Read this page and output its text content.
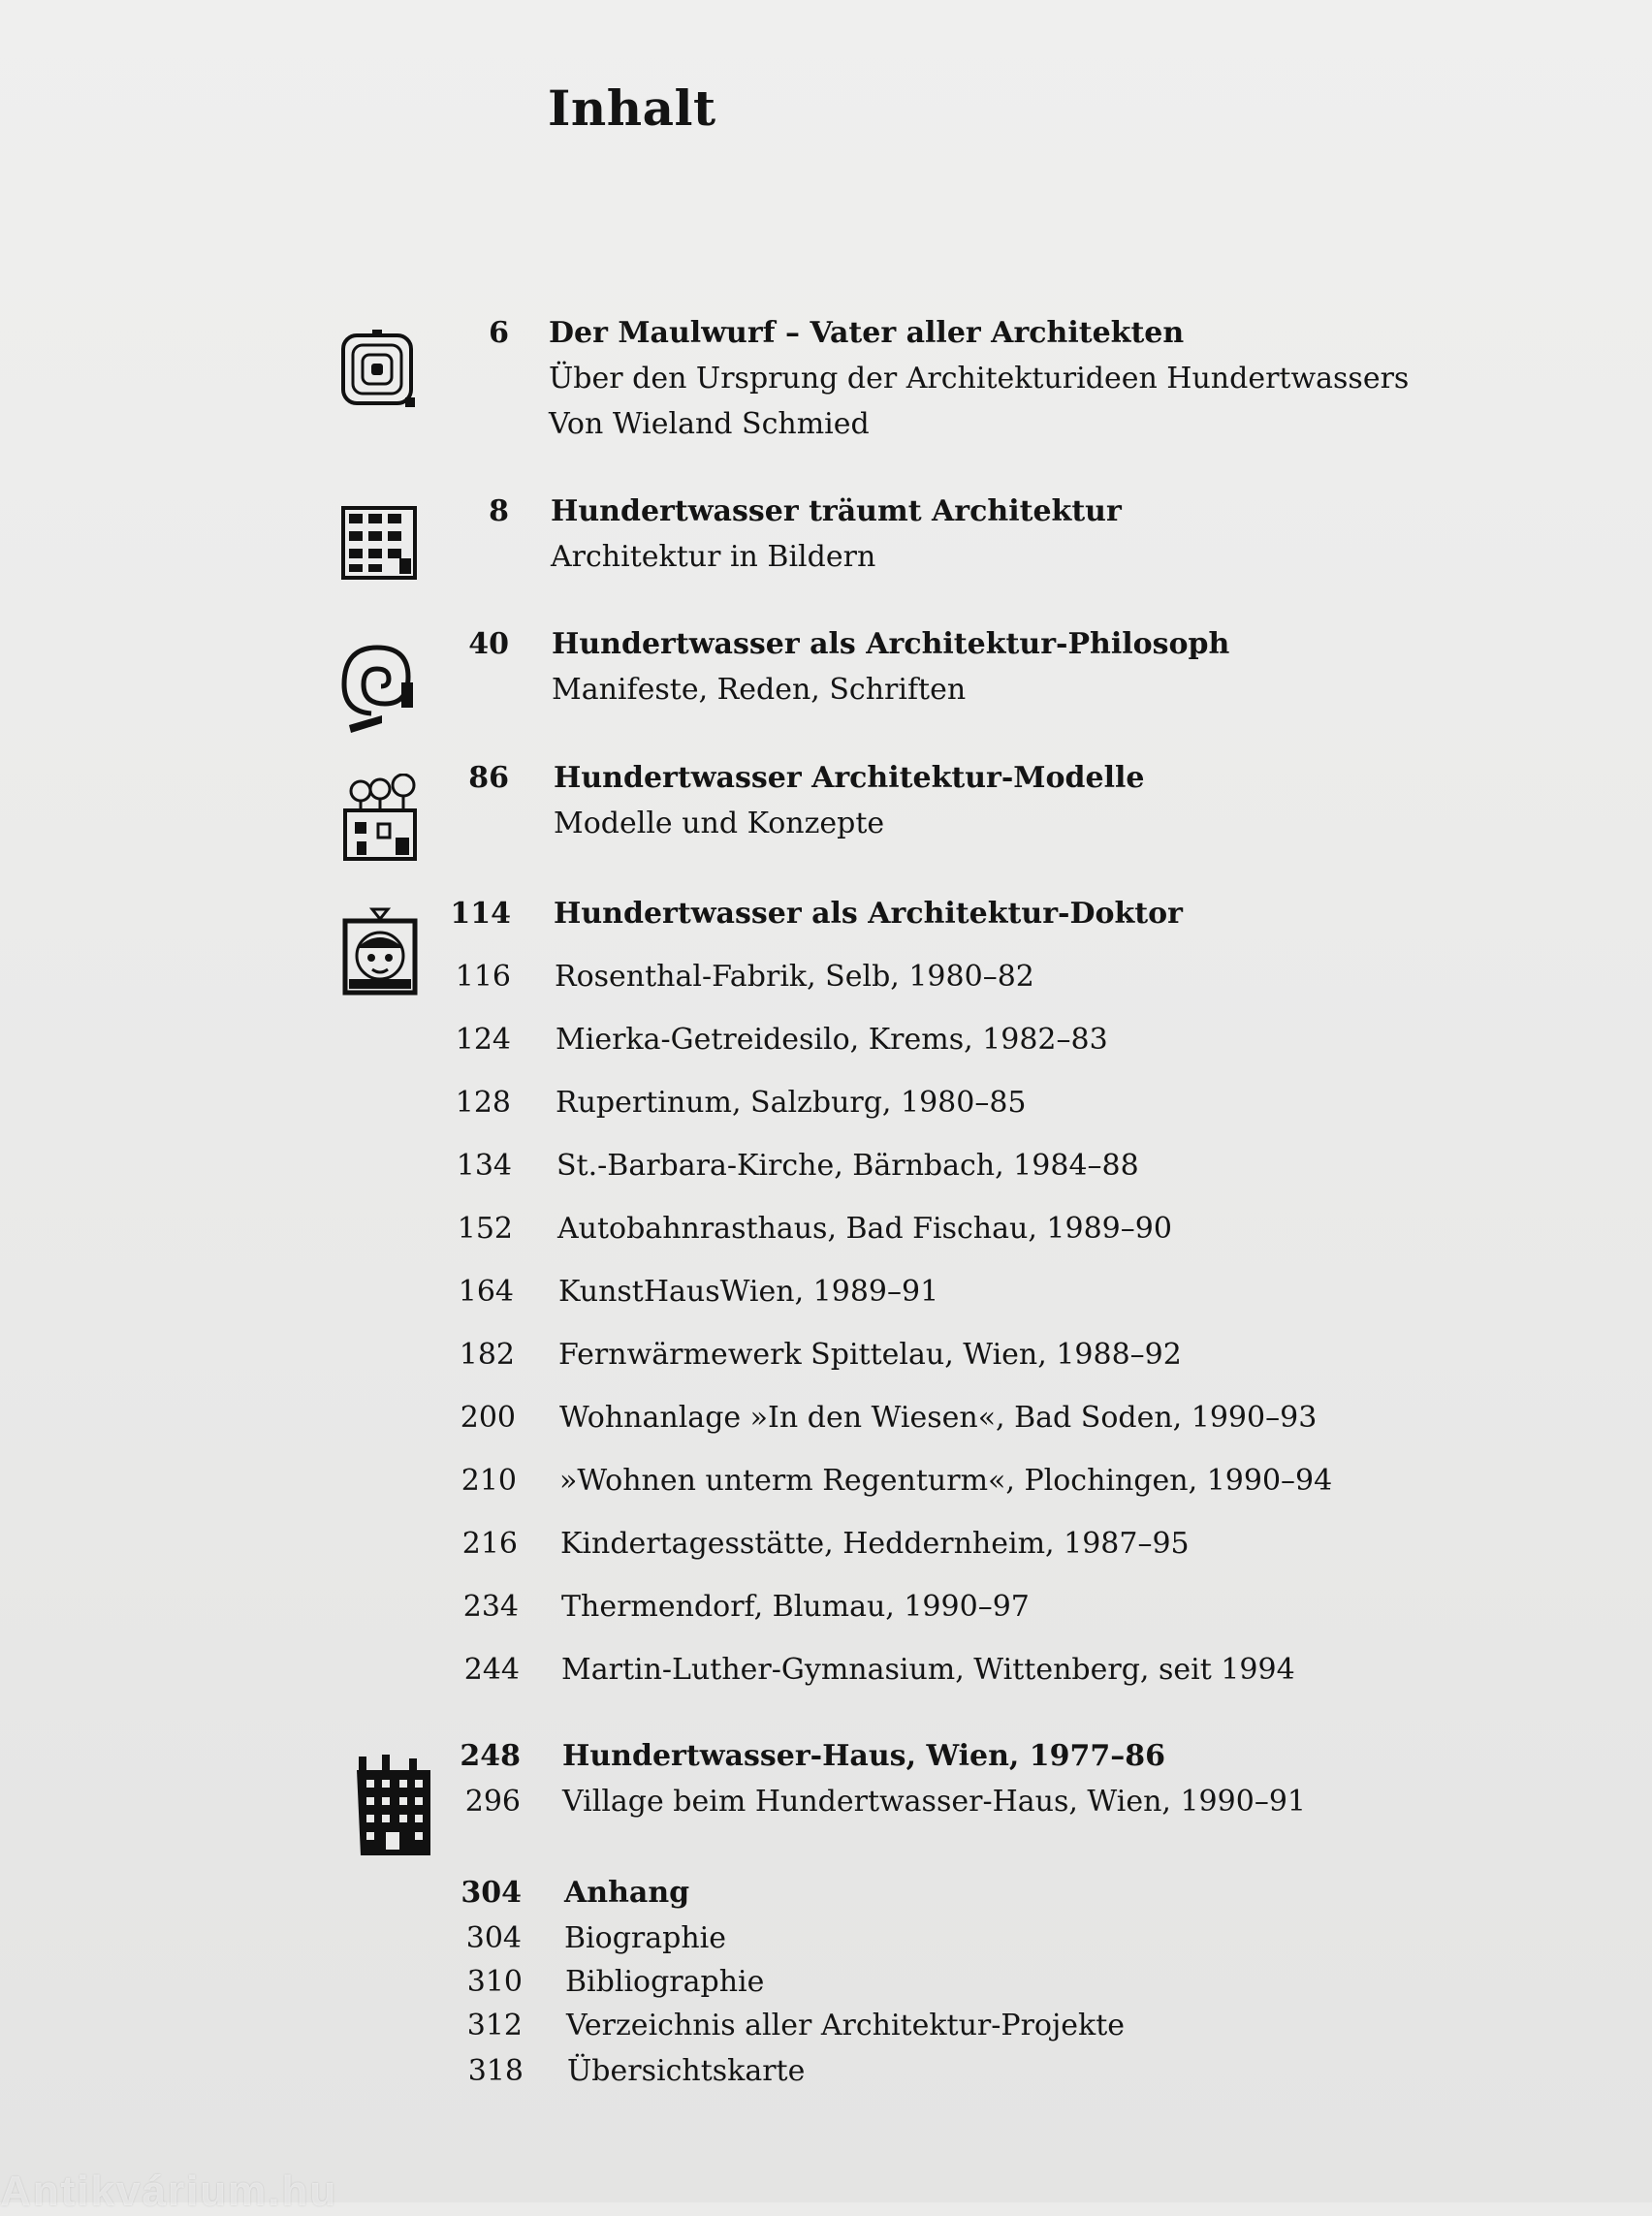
Inhalt
6 Der Maulwurf – Vater aller Architekten
Über den Ursprung der Architekturideen Hundertwassers
Von Wieland Schmied
8 Hundertwasser träumt Architektur
Architektur in Bildern
40 Hundertwasser als Architektur-Philosoph
Manifeste, Reden, Schriften
86 Hundertwasser Architektur-Modelle
Modelle und Konzepte
114 Hundertwasser als Architektur-Doktor
116 Rosenthal-Fabrik, Selb, 1980–82
124 Mierka-Getreidesilo, Krems, 1982–83
128 Rupertinum, Salzburg, 1980–85
134 St.-Barbara-Kirche, Bärnbach, 1984–88
152 Autobahnrasthaus, Bad Fischau, 1989–90
164 KunstHausWien, 1989–91
182 Fernwärmewerk Spittelau, Wien, 1988–92
200 Wohnanlage »In den Wiesen«, Bad Soden, 1990–93
210 »Wohnen unterm Regenturm«, Plochingen, 1990–94
216 Kindertagesstätte, Heddernheim, 1987–95
234 Thermendorf, Blumau, 1990–97
244 Martin-Luther-Gymnasium, Wittenberg, seit 1994
248 Hundertwasser-Haus, Wien, 1977–86
296 Village beim Hundertwasser-Haus, Wien, 1990–91
304 Anhang
304 Biographie
310 Bibliographie
312 Verzeichnis aller Architektur-Projekte
318 Übersichtskarte
Antikvárium.hu
